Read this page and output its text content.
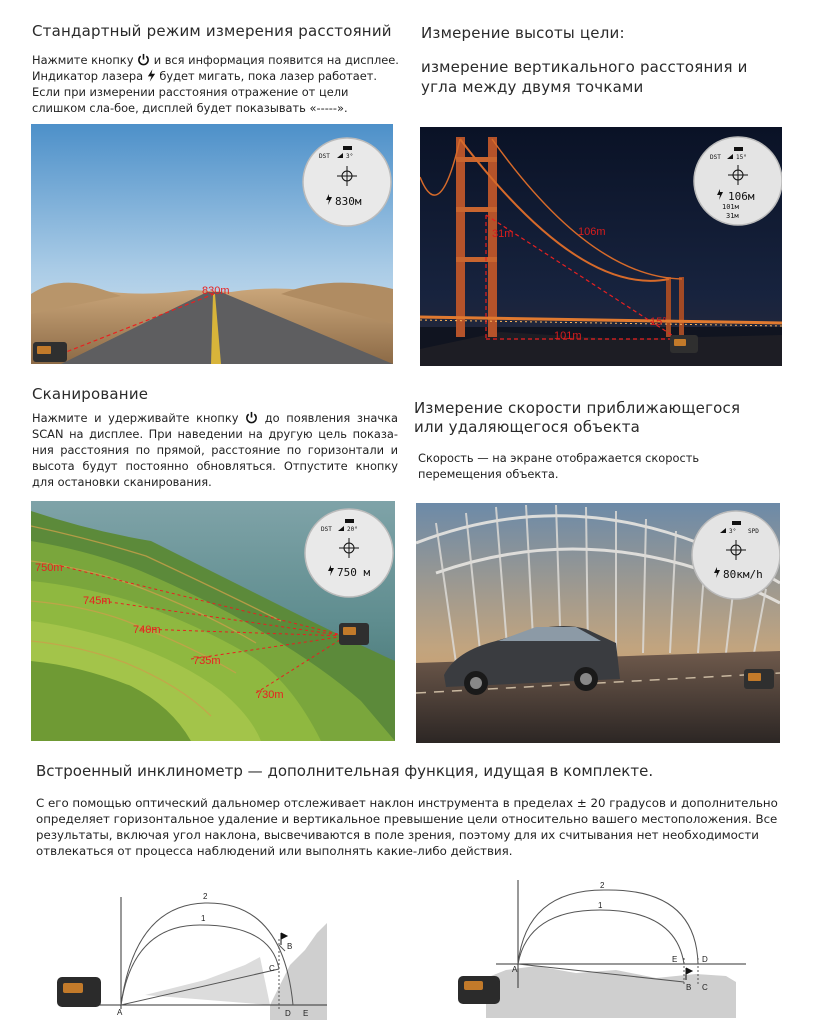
Стандартный режим измерения расстояний
Нажмите кнопку и вся информация появится на дисплее. Индикатор лазера будет мигать, пока лазер работает. Если при измерении расстояния отражение от цели слишком сла-бое, дисплей будет показывать «-----».
830m
DST	3°
830м
Измерение высоты цели:
измерение вертикального расстояния и
угла между двумя точками
31m	106m
101m
15°
DST	15°
106м
101м
31м
Сканирование
Нажмите и удерживайте кнопку до появления значка SCAN на дисплее. При наведении на другую цель показа-ния расстояния по прямой, расстояние по горизонтали и высота будут постоянно обновляться. Отпустите кнопку для остановки сканирования.
750m
745m
740m
735m
730m
DST	20°
750 м
Измерение скорости приближающегося
или удаляющегося объекта
Скорость — на экране отображается скорость перемещения объекта.
3° SPD
80км/h
Встроенный инклинометр — дополнительная функция, идущая в комплекте.
С его помощью оптический дальномер отслеживает наклон инструмента в пределах ± 20 градусов и дополнительно определяет горизонтальное удаление и вертикальное превышение цели относительно вашего местоположения. Все результаты, включая угол наклона, высвечиваются в поле зрения, поэтому для их считывания нет необходимости отвлекаться от процесса наблюдений или выполнять какие-либо действия.
2
1
A
B
C
D E
2
1
A
B C
D
E
